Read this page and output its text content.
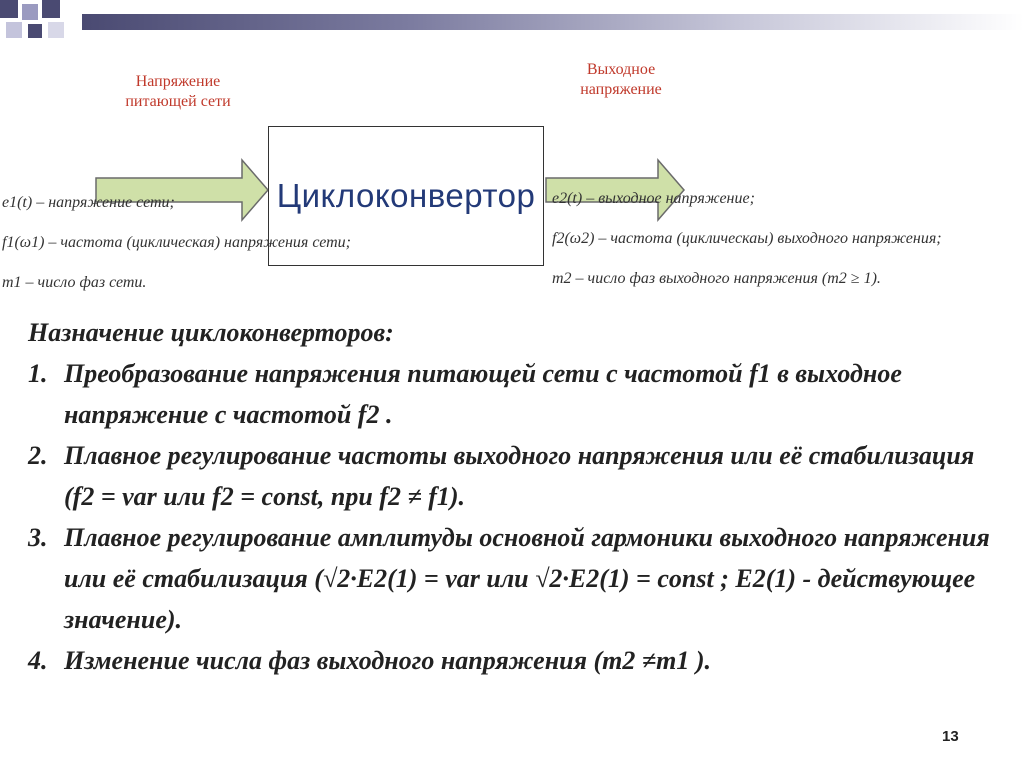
Напряжение
питающей сети
Выходное
напряжение
Циклоконвертор
e1(t) – напряжение сети;
f1(ω1) – частота (циклическая) напряжения сети;
m1 – число фаз сети.
e2(t) – выходное напряжение;
f2(ω2) – частота (циклическаы) выходного напряжения;
m2 – число фаз выходного напряжения (m2 ≥ 1).
Назначение циклоконверторов:
1. Преобразование напряжения питающей сети с частотой f1 в выходное напряжение с частотой f2 .
2. Плавное регулирование частоты выходного напряжения или её стабилизация (f2 = var или f2 = const, при f2 ≠ f1).
3. Плавное регулирование амплитуды основной гармоники выходного напряжения или её стабилизация (√2·E2(1) = var или √2·E2(1) = const ; E2(1) - действующее значение).
4. Изменение числа фаз выходного напряжения (m2 ≠m1 ).
13
